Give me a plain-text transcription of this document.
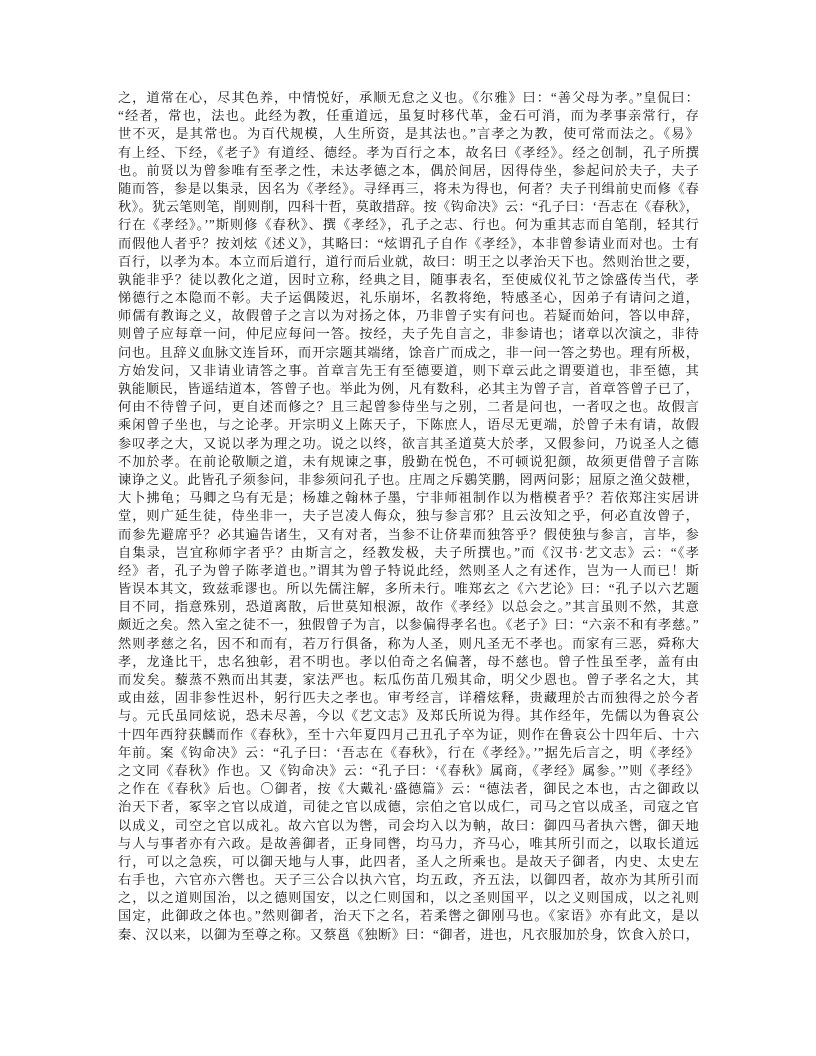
之，道常在心，尽其色养，中情悦好，承顺无怠之义也。《尔雅》曰：“善父母为孝。”皇侃曰：
“经者，常也，法也。此经为教，任重道远，虽复时移代革，金石可消，而为孝事亲常行，存
世不灭，是其常也。为百代规模，人生所资，是其法也。”言孝之为教，使可常而法之。《易》
有上经、下经，《老子》有道经、德经。孝为百行之本，故名曰《孝经》。经之创制，孔子所撰
也。前贤以为曾参唯有至孝之性，未达孝德之本，偶於间居，因得侍坐，参起问於夫子，夫子
随而答，参是以集录，因名为《孝经》。寻绎再三，将未为得也，何者？夫子刊缉前史而修《春
秋》。犹云笔则笔，削则削，四科十哲，莫敢措辞。按《钩命决》云：“孔子曰：‘吾志在《春秋》，
行在《孝经》。’”斯则修《春秋》、撰《孝经》，孔子之志、行也。何为重其志而自笔削，轻其行
而假他人者乎？按刘炫《述义》，其略曰：“炫谓孔子自作《孝经》，本非曾参请业而对也。士有
百行，以孝为本。本立而后道行，道行而后业就，故曰：明王之以孝治天下也。然则治世之要，
孰能非乎？徒以教化之道，因时立称，经典之目，随事表名，至使威仪礼节之馀盛传当代，孝
悌德行之本隐而不彰。夫子运偶陵迟，礼乐崩坏，名教将绝，特感圣心，因弟子有请问之道，
师儒有教诲之义，故假曾子之言以为对扬之体，乃非曾子实有问也。若疑而始问，答以申辞，
则曾子应每章一问，仲尼应每问一答。按经，夫子先自言之，非参请也；诸章以次演之，非待
问也。且辞义血脉文连旨环，而开宗题其端绪，馀音广而成之，非一问一答之势也。理有所极，
方始发问，又非请业请答之事。首章言先王有至德要道，则下章云此之谓要道也，非至德，其
孰能顺民，皆遥结道本，答曾子也。举此为例，凡有数科，必其主为曾子言，首章答曾子已了，
何由不待曾子问，更自述而修之？且三起曾参侍坐与之别，二者是问也，一者叹之也。故假言
乘闲曾子坐也，与之论孝。开宗明义上陈天子，下陈庶人，语尽无更端，於曾子未有请，故假
参叹孝之大，又说以孝为理之功。说之以终，欲言其圣道莫大於孝，又假参问，乃说圣人之德
不加於孝。在前论敬顺之道，未有规谏之事，殷勤在悦色，不可顿说犯颜，故须更借曾子言陈
谏诤之义。此皆孔子须参问，非参须问孔子也。庄周之斥鷃笑鹏，罔两问影；屈原之渔父鼓枻，
大卜拂龟；马卿之乌有无是；杨雄之翰林子墨，宁非师祖制作以为楷模者乎？若依郑注实居讲
堂，则广延生徒，侍坐非一，夫子岂凌人侮众，独与参言邪？且云汝知之乎，何必直汝曾子，
而参先避席乎？必其遍告诸生，又有对者，当参不让侪辈而独答乎？假使独与参言，言毕，参
自集录，岂宜称师字者乎？由斯言之，经教发极，夫子所撰也。”而《汉书·艺文志》云：“《孝
经》者，孔子为曾子陈孝道也。”谓其为曾子特说此经，然则圣人之有述作，岂为一人而已！斯
皆误本其文，致兹乖谬也。所以先儒注解，多所未行。唯郑玄之《六艺论》曰：“孔子以六艺题
目不同，指意殊别，恐道离散，后世莫知根源，故作《孝经》以总会之。”其言虽则不然，其意
颇近之矣。然入室之徒不一，独假曾子为言，以参偏得孝名也。《老子》曰：“六亲不和有孝慈。”
然则孝慈之名，因不和而有，若万行俱备，称为人圣，则凡圣无不孝也。而家有三恶，舜称大
孝，龙逢比干，忠名独彰，君不明也。孝以伯奇之名偏著，母不慈也。曾子性虽至孝，盖有由
而发矣。藜蒸不熟而出其妻，家法严也。耘瓜伤苗几殒其命，明父少恩也。曾子孝名之大，其
或由兹，固非参性迟朴，躬行匹夫之孝也。审考经言，详稽炫释，贵藏理於古而独得之於今者
与。元氏虽同炫说，恐未尽善，今以《艺文志》及郑氏所说为得。其作经年，先儒以为鲁哀公
十四年西狩获麟而作《春秋》，至十六年夏四月己丑孔子卒为证，则作在鲁哀公十四年后、十六
年前。案《钩命决》云：“孔子曰：‘吾志在《春秋》，行在《孝经》。’”据先后言之，明《孝经》
之文同《春秋》作也。又《钩命决》云：“孔子曰：‘《春秋》属商，《孝经》属参。’”则《孝经》
之作在《春秋》后也。〇御者，按《大戴礼·盛德篇》云：“德法者，御民之本也，古之御政以
治天下者，冢宰之官以成道，司徒之官以成德，宗伯之官以成仁，司马之官以成圣，司寇之官
以成义，司空之官以成礼。故六官以为辔，司会均入以为軜，故曰：御四马者执六辔，御天地
与人与事者亦有六政。是故善御者，正身同辔，均马力，齐马心，唯其所引而之，以取长道远
行，可以之急疾，可以御天地与人事，此四者，圣人之所乘也。是故天子御者，内史、太史左
右手也，六官亦六辔也。天子三公合以执六官，均五政，齐五法，以御四者，故亦为其所引而
之，以之道则国治，以之德则国安，以之仁则国和，以之圣则国平，以之义则国成，以之礼则
国定，此御政之体也。”然则御者，治天下之名，若柔辔之御刚马也。《家语》亦有此文，是以
秦、汉以来，以御为至尊之称。又蔡邕《独断》曰：“御者，进也，凡衣服加於身，饮食入於口，
